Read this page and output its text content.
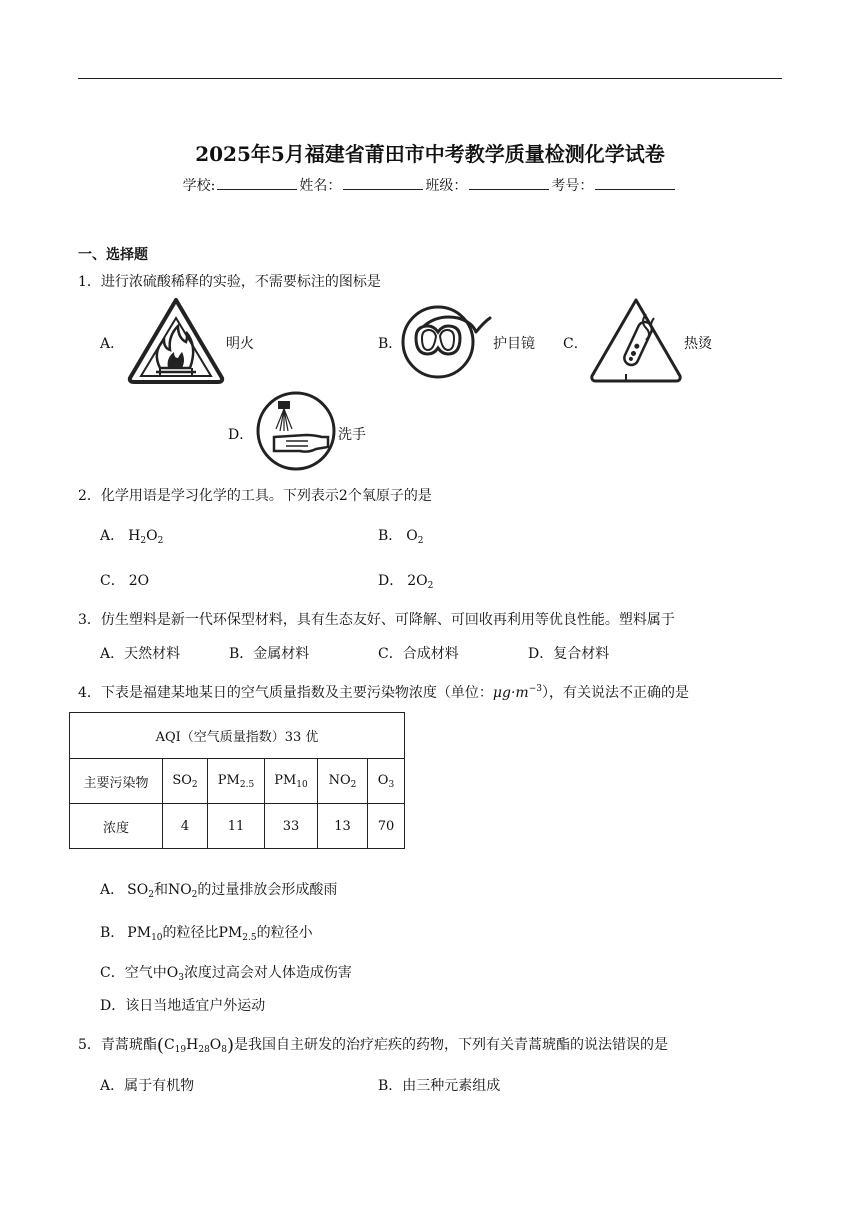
2025年5月福建省莆田市中考教学质量检测化学试卷
学校:	姓名：	班级：	考号：
一、选择题
1．进行浓硫酸稀释的实验，不需要标注的图标是
A．	明火	B．	护目镜 C．	热烫
D．	洗手
2．化学用语是学习化学的工具。下列表示2个氧原子的是
A． $H_2O_2$	B． $O_2$
C． 2O	D． $2O_2$
3．仿生塑料是新一代环保型材料，具有生态友好、可降解、可回收再利用等优良性能。塑料属于
A．天然材料	B．金属材料	C．合成材料	D．复合材料
4．下表是福建某地某日的空气质量指数及主要污染物浓度（单位：$\mu g\cdot m^{-3}$），有关说法不正确的是
AQI（空气质量指数）33 优					
主要污染物	$SO_2$	$PM_{2.5}$	$PM_{10}$	$NO_2$	$O_3$
浓度	4	11	33	13	70
A． $SO_2$和$NO_2$的过量排放会形成酸雨
B． $PM_{10}$的粒径比$PM_{2.5}$的粒径小
C．空气中$O_3$浓度过高会对人体造成伤害
D．该日当地适宜户外运动
5．青蒿琥酯$(C_{19}H_{28}O_8)$是我国自主研发的治疗疟疾的药物，下列有关青蒿琥酯的说法错误的是
A．属于有机物	B．由三种元素组成
